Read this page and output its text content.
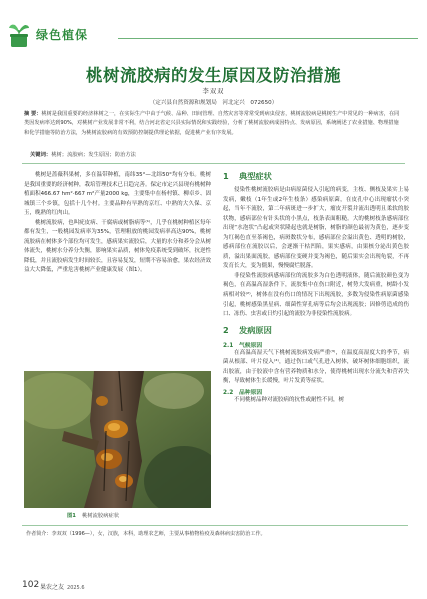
绿色植保
桃树流胶病的发生原因及防治措施
李双双
（定兴县自然资源和规划局　河北定兴　072650）
摘 要：桃树是我国重要的经济林树之一，在实际生产中由于气候、品种、田间管理、自然灾害等常常受到病虫侵害，桃树流胶病是桃树生产中常见的一种病害，在同类因发病率达到90%，对桃树产业发展非常不利，结合河北省定兴县实际情况和实践经验，分析了桃树流胶病成因特点、发病原因，系统阐述了农业措施、物理措施和化学措施等防治方法，为桃树流胶病的有效预防控制提供理论依据，促进桃产业有序发展。
关键词：桃树；流胶病；发生原因；防治方法

桃树是蔷薇科果树，多在温带种植，南纬35°—北纬50°均有分布。桃树是我国重要的经济树种，栽培管理技术已日趋完善。保定市定兴县现有桃树种植面积466.67 hm²·667 m²产量2000 kg，主要集中在杨村镇、柳卓乡、固城镇三个乡镇，包括十几个村。主要品种有早熟的京红、中熟的大久保、京玉，晚熟的红肉山。

桃树流胶病，也叫疣皮病、干腐病或树脂病等⁽¹⁾，几乎在桃树种植区每年都有发生，一般桃园发病率为35%，管理粗放的桃园发病率高达90%，桃树流胶病在树体多个部位均可发生，感病果实流胶后，大量的水分和养分会从树体流失，桃树水分养分失衡，影响果实品质，树体免疫系统受到破坏，抗逆性降低，并且流胶病发生时间较长，且容易复发，短期不容易治愈，果农经济效益大大降低，严重危害桃树产业健康发展（图1）。

图1 桃树流胶病症状
1 典型症状

侵染性桃树流胶病是由病原菌侵入引起的病变，主枝、侧枝及果实上易发病，嫩枝（1年生或2年生枝条）感染病原菌，在皮孔中心出现瘤状小突起，当年不流胶，第二年病斑进一步扩大，瘤皮开裂并流出透明且柔软的胶状物，感病部位有针头状的小黑点，枝条表面粗糙。大的桃树枝条感病部位出现“水泡状”凸起或突状隆起也就是树脂，树脂的颜色最初为黄色，逐步变为红褐色直至茶褐色，病斑数状分布，感病部位会溢出黄色、透明的树胶，感病部位在流胶以后，会逐渐干枯凹陷，果实感病，由果核分泌出黄色胶质，溢出果面流胶，感病部位变硬并变为褐色，随后果实会出现龟裂，不再发育长大，变为僵果，慢慢腐烂脱落。

非侵染性流胶病感病部位的流胶多为白色透明液体，随后流胶颜色变为褐色，在高温高湿条件下，流胶集中在伤口附近，树势大发病重，树龄小发病相对较⁽²⁾，树体在没有伤口的情况下出现流胶，多数为侵染性病原菌感染引起，桃树感染黑星病、细菌性穿孔病等后均会出现流胶；因修剪造成的伤口、冻伤、虫害或日灼引起的流胶为非侵染性流胶病。

2 发病原因
2.1 气候原因

在高温高湿天气下桃树流胶病发病严重⁽³⁾，在温度高湿度大的季节，病菌从根部、叶片侵入⁽⁴⁾，通过伤口或气孔进入树体，破坏树体细胞组织，流出胶液，由于胶液中含有营养物质和水分，使得桃树出现水分流失和营养失衡，导致树体生长缓慢，叶片发黄等症状。

2.2 品种原因

不同桃树品种对流胶病的抗性或耐性不同，树

作者简介：李双双（1996—），女，汉族，本科，助理农艺师，主要从事植物检疫及森林病虫害防治工作。
102 果农之友 2025.6
